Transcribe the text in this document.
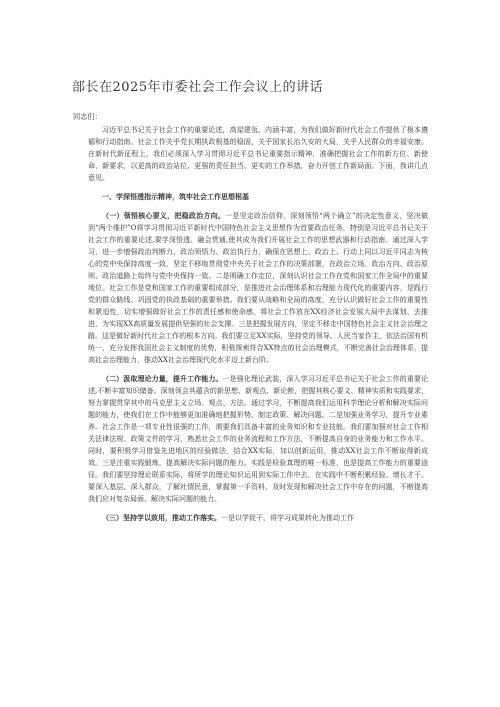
部长在2025年市委社会工作会议上的讲话

同志们：

习近平总书记关于社会工作的重要论述，高屋建瓴、内涵丰富，为我们做好新时代社会工作提供了根本遵循和行动指南。社会工作关乎党长期执政根基的稳固，关乎国家长治久安的大局，关乎人民群众的幸福安康。在新时代新征程上，我们必须深入学习贯彻习近平总书记重要指示精神，准确把握社会工作的新方位、新使命、新要求，以更高的政治站位、更强的责任担当、更实的工作举措，奋力开创工作新局面。下面，我讲几点意见。

一、学深悟透指示精神，筑牢社会工作思想根基

（一）领悟核心要义，把稳政治方向。一是坚定政治信仰，深刻领悟“两个确立”的决定性意义，坚决做到“两个维护”O将学习贯彻习近平新时代中国特色社会主义思想作为首要政治任务，特别是习近平总书记关于社会工作的重要论述,要学深悟透、融会贯通,使其成为我们开展社会工作的思想武器和行动指南。通过深入学习，进一步增强政治判断力、政治领悟力、政治执行力，确保在思想上、政治上、行动上同以习近平同志为核心的党中央保持高度一致，坚定不移地贯彻党中央关于社会工作的决策部署，在政治立场、政治方向、政治原则、政治道路上始终与党中央保持一致。二是明确工作定位，深刻认识社会工作在党和国家工作全局中的重要地位。社会工作是党和国家工作的重要组成部分，是推进社会治理体系和治理能力现代化的重要内容，是践行党的群众路线、巩固党的执政基础的重要举措。我们要从战略和全局的高度，充分认识做好社会工作的重要性和紧迫性，切实增强做好社会工作的责任感和使命感，将社会工作放在XX经济社会发展大局中去谋划、去推进，为实现XX高质量发展提供坚强的社会支撑。三是把握发展方向，坚定不移走中国特色社会主义社会治理之路。这是做好新时代社会工作的根本方向。我们要立足XX实际，坚持党的领导、人民当家作主、依法治国有机统一，充分发挥我国社会主义制度的优势，积极探索符合XX特点的社会治理模式，不断完善社会治理体系，提高社会治理能力，推动XX社会治理现代化水平迈上新台阶。

（二）汲取理论力量，提升工作能力。一是强化理论武装，深入学习习近平总书记关于社会工作的重要论述,不断丰富知识储备。深刻领会其蕴含的新思想、新观点、新论断，把握其核心要义、精神实质和实践要求，努力掌握贯穿其中的马克思主义立场、观点、方法。通过学习，不断提高我们运用科学理论分析和解决实际问题的能力，使我们在工作中能够更加准确地把握形势、制定政策、解决问题。二是加强业务学习，提升专业素养。社会工作是一项专业性很强的工作，需要我们具备丰富的业务知识和专业技能。我们要加强对社会工作相关法律法规、政策文件的学习，熟悉社会工作的业务流程和工作方法，不断提高自身的业务能力和工作水平。同时，要积极学习借鉴先进地区的经验做法，结合XX实际，加以创新运用，推动XX社会工作不断取得新成效。三是注重实践锻炼，提高解决实际问题的能力。实践是检验真理的唯一标准，也是提高工作能力的重要途径。我们要坚持理论联系实际，将所学的理论知识运用到实际工作中去，在实践中不断积累经验、增长才干。要深入基层、深入群众，了解社情民意，掌握第一手资料，及时发现和解决社会工作中存在的问题，不断提高我们应对复杂局面、解决实际问题的能力。

（三）坚持学以致用，推动工作落实。一是以学促干，将学习成果转化为推动工作
